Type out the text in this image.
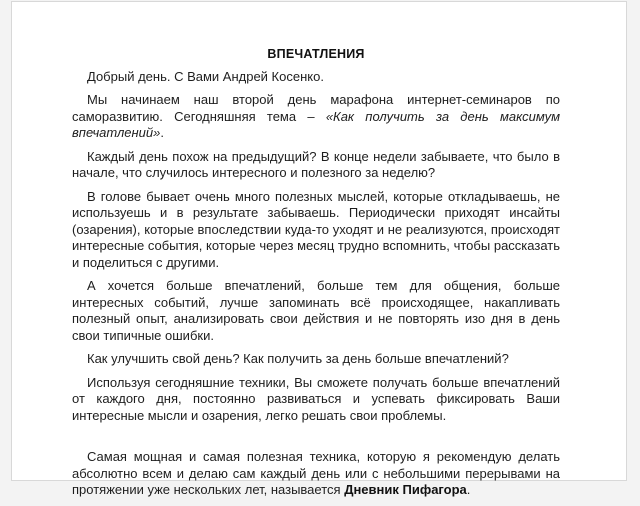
ВПЕЧАТЛЕНИЯ

Добрый день. С Вами Андрей Косенко.

Мы начинаем наш второй день марафона интернет-семинаров по саморазвитию. Сегодняшняя тема – «Как получить за день максимум впечатлений».

Каждый день похож на предыдущий? В конце недели забываете, что было в начале, что случилось интересного и полезного за неделю?

В голове бывает очень много полезных мыслей, которые откладываешь, не используешь и в результате забываешь. Периодически приходят инсайты (озарения), которые впоследствии куда-то уходят и не реализуются, происходят интересные события, которые через месяц трудно вспомнить, чтобы рассказать и поделиться с другими.

А хочется больше впечатлений, больше тем для общения, больше интересных событий, лучше запоминать всё происходящее, накапливать полезный опыт, анализировать свои действия и не повторять изо дня в день свои типичные ошибки.

Как улучшить свой день? Как получить за день больше впечатлений?

Используя сегодняшние техники, Вы сможете получать больше впечатлений от каждого дня, постоянно развиваться и успевать фиксировать Ваши интересные мысли и озарения, легко решать свои проблемы.

Самая мощная и самая полезная техника, которую я рекомендую делать абсолютно всем и делаю сам каждый день или с небольшими перерывами на протяжении уже нескольких лет, называется Дневник Пифагора.
